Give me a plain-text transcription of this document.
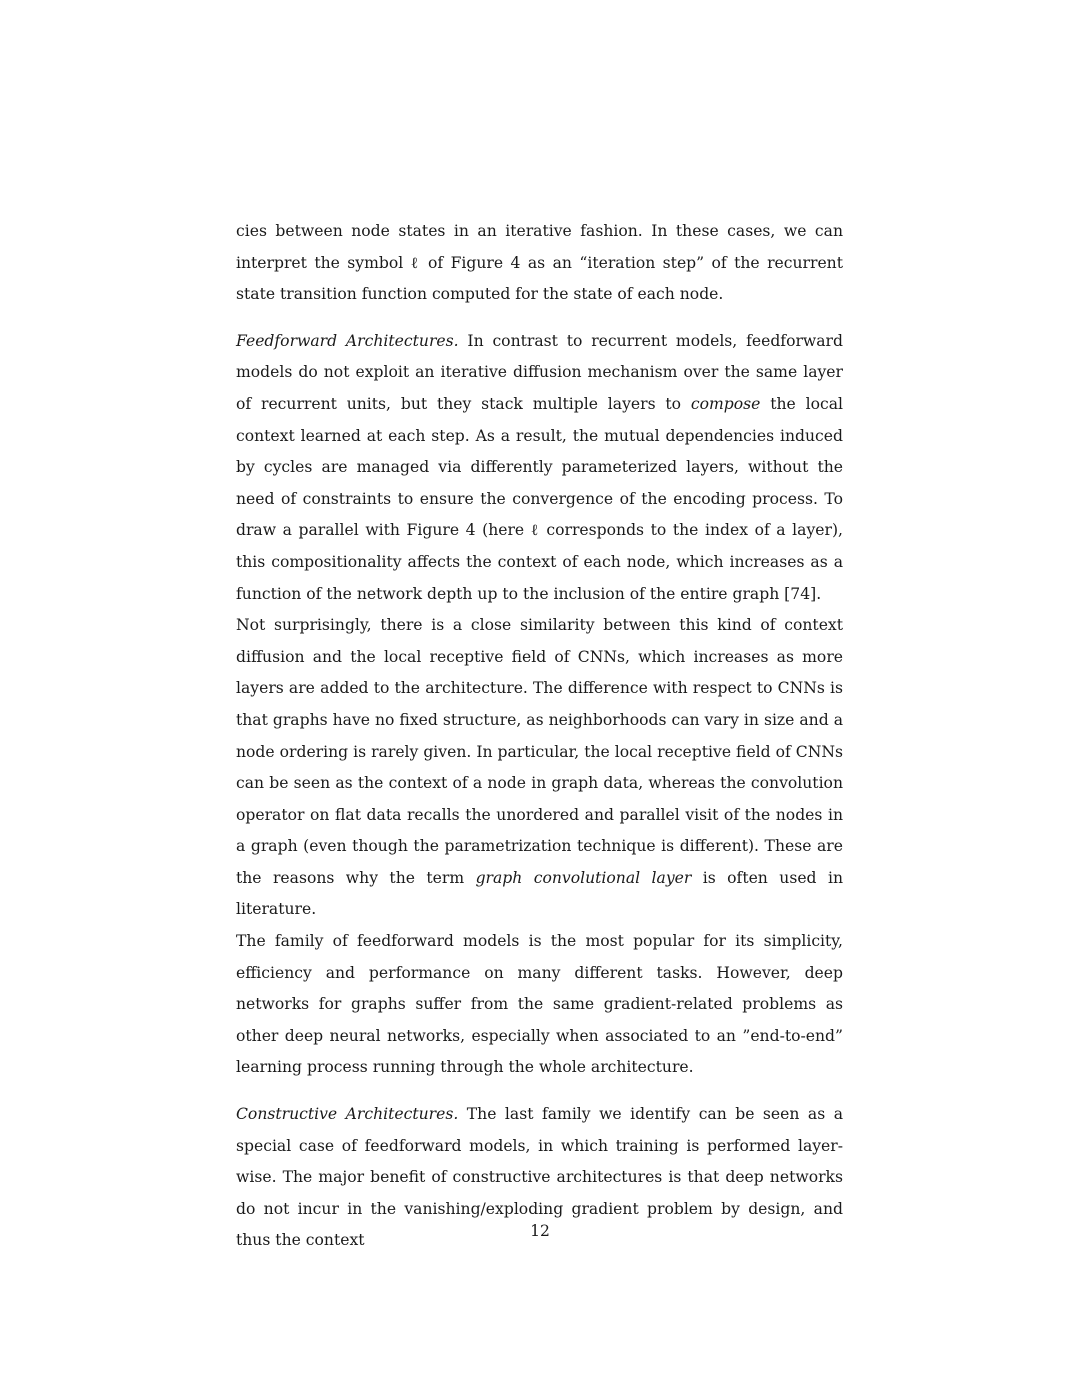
cies between node states in an iterative fashion. In these cases, we can interpret the symbol ℓ of Figure 4 as an “iteration step” of the recurrent state transition function computed for the state of each node.

Feedforward Architectures. In contrast to recurrent models, feedforward models do not exploit an iterative diffusion mechanism over the same layer of recurrent units, but they stack multiple layers to compose the local context learned at each step. As a result, the mutual dependencies induced by cycles are managed via differently parameterized layers, without the need of constraints to ensure the convergence of the encoding process. To draw a parallel with Figure 4 (here ℓ corresponds to the index of a layer), this compositionality affects the context of each node, which increases as a function of the network depth up to the inclusion of the entire graph [74].

Not surprisingly, there is a close similarity between this kind of context diffusion and the local receptive field of CNNs, which increases as more layers are added to the architecture. The difference with respect to CNNs is that graphs have no fixed structure, as neighborhoods can vary in size and a node ordering is rarely given. In particular, the local receptive field of CNNs can be seen as the context of a node in graph data, whereas the convolution operator on flat data recalls the unordered and parallel visit of the nodes in a graph (even though the parametrization technique is different). These are the reasons why the term graph convolutional layer is often used in literature.

The family of feedforward models is the most popular for its simplicity, efficiency and performance on many different tasks. However, deep networks for graphs suffer from the same gradient-related problems as other deep neural networks, especially when associated to an ”end-to-end” learning process running through the whole architecture.

Constructive Architectures. The last family we identify can be seen as a special case of feedforward models, in which training is performed layer-wise. The major benefit of constructive architectures is that deep networks do not incur in the vanishing/exploding gradient problem by design, and thus the context

12
